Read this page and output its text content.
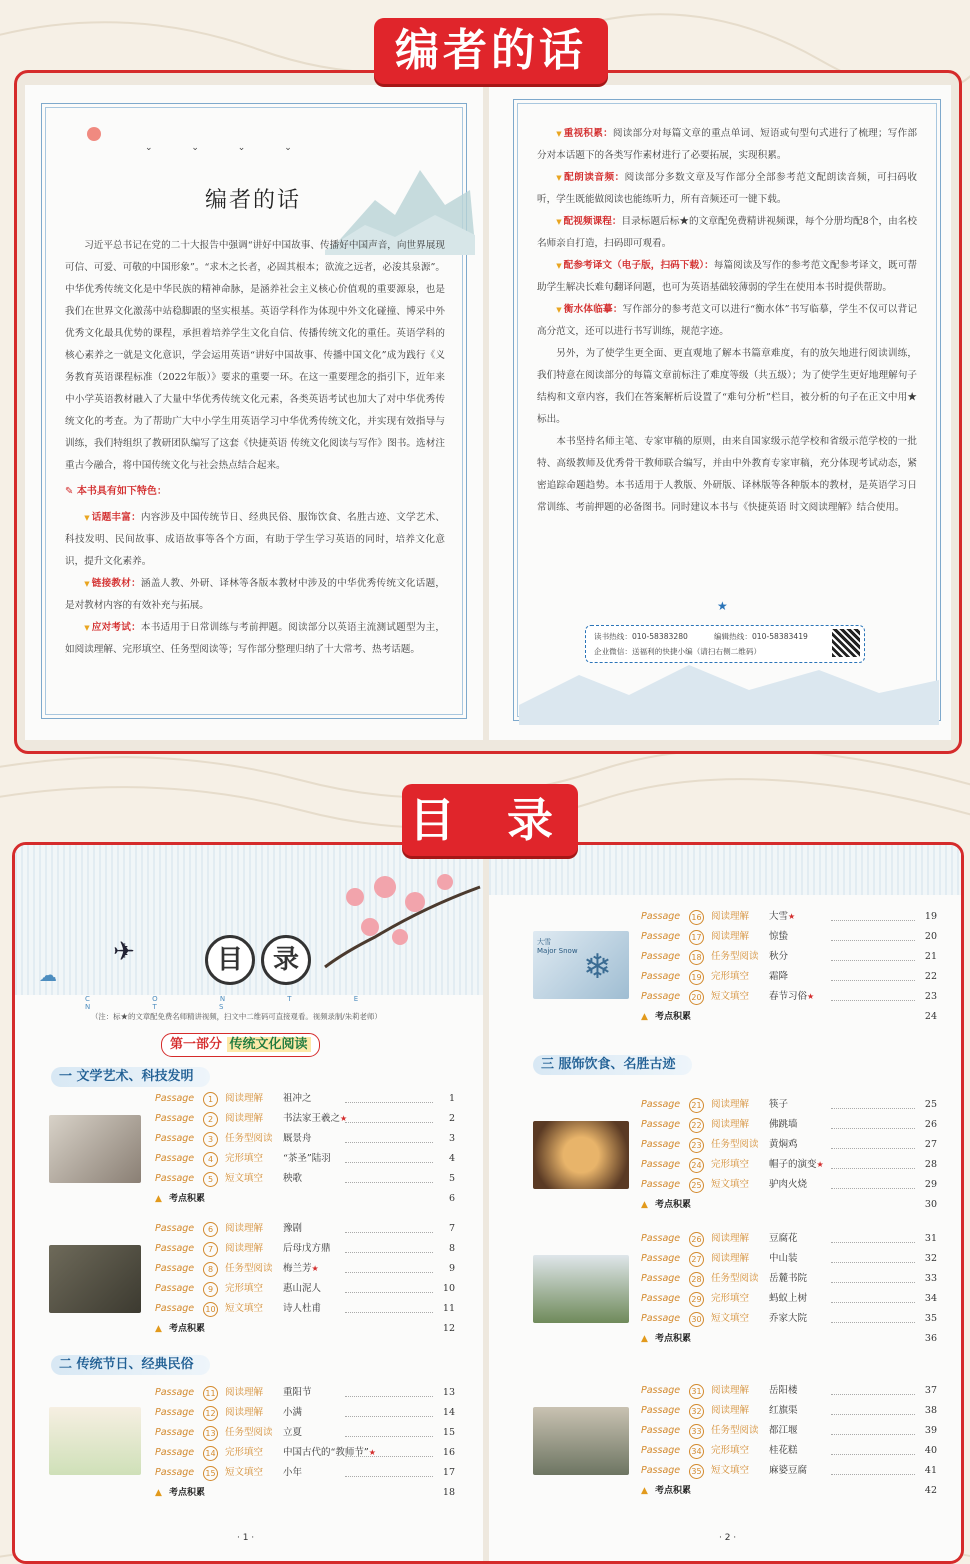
⌄ ⌄ ⌄ ⌄
编者的话

习近平总书记在党的二十大报告中强调“讲好中国故事、传播好中国声音，向世界展现可信、可爱、可敬的中国形象”。“求木之长者，必固其根本；欲流之远者，必浚其泉源”。中华优秀传统文化是中华民族的精神命脉，是涵养社会主义核心价值观的重要源泉，也是我们在世界文化激荡中站稳脚跟的坚实根基。英语学科作为体现中外文化碰撞、博采中外优秀文化最具优势的课程，承担着培养学生文化自信、传播传统文化的重任。英语学科的核心素养之一就是文化意识，学会运用英语“讲好中国故事、传播中国文化”成为践行《义务教育英语课程标准（2022年版）》要求的重要一环。在这一重要理念的指引下，近年来中小学英语教材融入了大量中华优秀传统文化元素，各类英语考试也加大了对中华优秀传统文化的考查。为了帮助广大中小学生用英语学习中华优秀传统文化，并实现有效指导与训练，我们特组织了教研团队编写了这套《快捷英语 传统文化阅读与写作》图书。选材注重古今融合，将中国传统文化与社会热点结合起来。

✎ 本书具有如下特色：

▼ 话题丰富：内容涉及中国传统节日、经典民俗、服饰饮食、名胜古迹、文学艺术、科技发明、民间故事、成语故事等各个方面，有助于学生学习英语的同时，培养文化意识，提升文化素养。

▼ 链接教材：涵盖人教、外研、译林等各版本教材中涉及的中华优秀传统文化话题，是对教材内容的有效补充与拓展。

▼ 应对考试：本书适用于日常训练与考前押题。阅读部分以英语主流测试题型为主，如阅读理解、完形填空、任务型阅读等；写作部分整理归纳了十大常考、热考话题。

▼ 重视积累：阅读部分对每篇文章的重点单词、短语或句型句式进行了梳理；写作部分对本话题下的各类写作素材进行了必要拓展，实现积累。

▼ 配朗读音频：阅读部分多数文章及写作部分全部参考范文配朗读音频，可扫码收听，学生既能做阅读也能练听力，所有音频还可一键下载。

▼ 配视频课程：目录标题后标★的文章配免费精讲视频课，每个分册均配8个，由名校名师亲自打造，扫码即可观看。

▼ 配参考译文（电子版，扫码下载）：每篇阅读及写作的参考范文配参考译文，既可帮助学生解决长难句翻译问题，也可为英语基础较薄弱的学生在使用本书时提供帮助。

▼ 衡水体临摹：写作部分的参考范文可以进行“衡水体”书写临摹，学生不仅可以背记高分范文，还可以进行书写训练，规范字迹。

另外，为了使学生更全面、更直观地了解本书篇章难度，有的放矢地进行阅读训练，我们特意在阅读部分的每篇文章前标注了难度等级（共五级）；为了使学生更好地理解句子结构和文章内容，我们在答案解析后设置了“难句分析”栏目，被分析的句子在正文中用★标出。

本书坚持名师主笔、专家审稿的原则，由来自国家级示范学校和省级示范学校的一批特、高级教师及优秀骨干教师联合编写，并由中外教育专家审稿，充分体现考试动态，紧密追踪命题趋势。本书适用于人教版、外研版、译林版等各种版本的教材，是英语学习日常训练、考前押题的必备图书。同时建议本书与《快捷英语 时文阅读理解》结合使用。

★
读书热线：010-58383280	编辑热线：010-58383419
企业微信：送福利的快捷小编（请扫右侧二维码）
编者的话
✈
☁
目	录
C O N T E N T S
（注：标★的文章配免费名师精讲视频，扫文中二维码可直接观看。视频录制/朱莉老师）
第一部分 传统文化阅读
一 文学艺术、科技发明
二 传统节日、经典民俗
· 1 ·
Passage	1	阅读理解 祖冲之	1
Passage	2	阅读理解 书法家王羲之★	2
Passage	3	任务型阅读 厩景舟	3
Passage	4	完形填空 “茶圣”陆羽	4
Passage	5	短文填空 秧歌	5
▲ 考点积累	6
Passage	6	阅读理解 豫剧	7
Passage	7	阅读理解 后母戊方鼎	8
Passage	8	任务型阅读 梅兰芳★	9
Passage	9	完形填空 惠山泥人	10
Passage	10 短文填空 诗人杜甫	11
▲ 考点积累	12
Passage	11 阅读理解 重阳节	13
Passage	12 阅读理解 小满	14
Passage	13 任务型阅读 立夏	15
Passage	14 完形填空 中国古代的“教师节”★	16
Passage	15 短文填空 小年	17
▲ 考点积累	18
三 服饰饮食、名胜古迹
大雪
Major Snow ❄
· 2 ·
Passage	16 阅读理解 大雪★	19
Passage	17 阅读理解 惊蛰	20
Passage	18 任务型阅读 秋分	21
Passage	19 完形填空 霜降	22
Passage	20 短文填空 春节习俗★	23
▲ 考点积累	24
Passage	21 阅读理解 筷子	25
Passage	22 阅读理解 佛跳墙	26
Passage	23 任务型阅读 黄焖鸡	27
Passage	24 完形填空 帽子的演变★	28
Passage	25 短文填空 驴肉火烧	29
▲ 考点积累	30
Passage	26 阅读理解 豆腐花	31
Passage	27 阅读理解 中山装	32
Passage	28 任务型阅读 岳麓书院	33
Passage	29 完形填空 蚂蚁上树	34
Passage	30 短文填空 乔家大院	35
▲ 考点积累	36
Passage	31 阅读理解 岳阳楼	37
Passage	32 阅读理解 红旗渠	38
Passage	33 任务型阅读 都江堰	39
Passage	34 完形填空 桂花糕	40
Passage	35 短文填空 麻婆豆腐	41
▲ 考点积累	42
目 录
